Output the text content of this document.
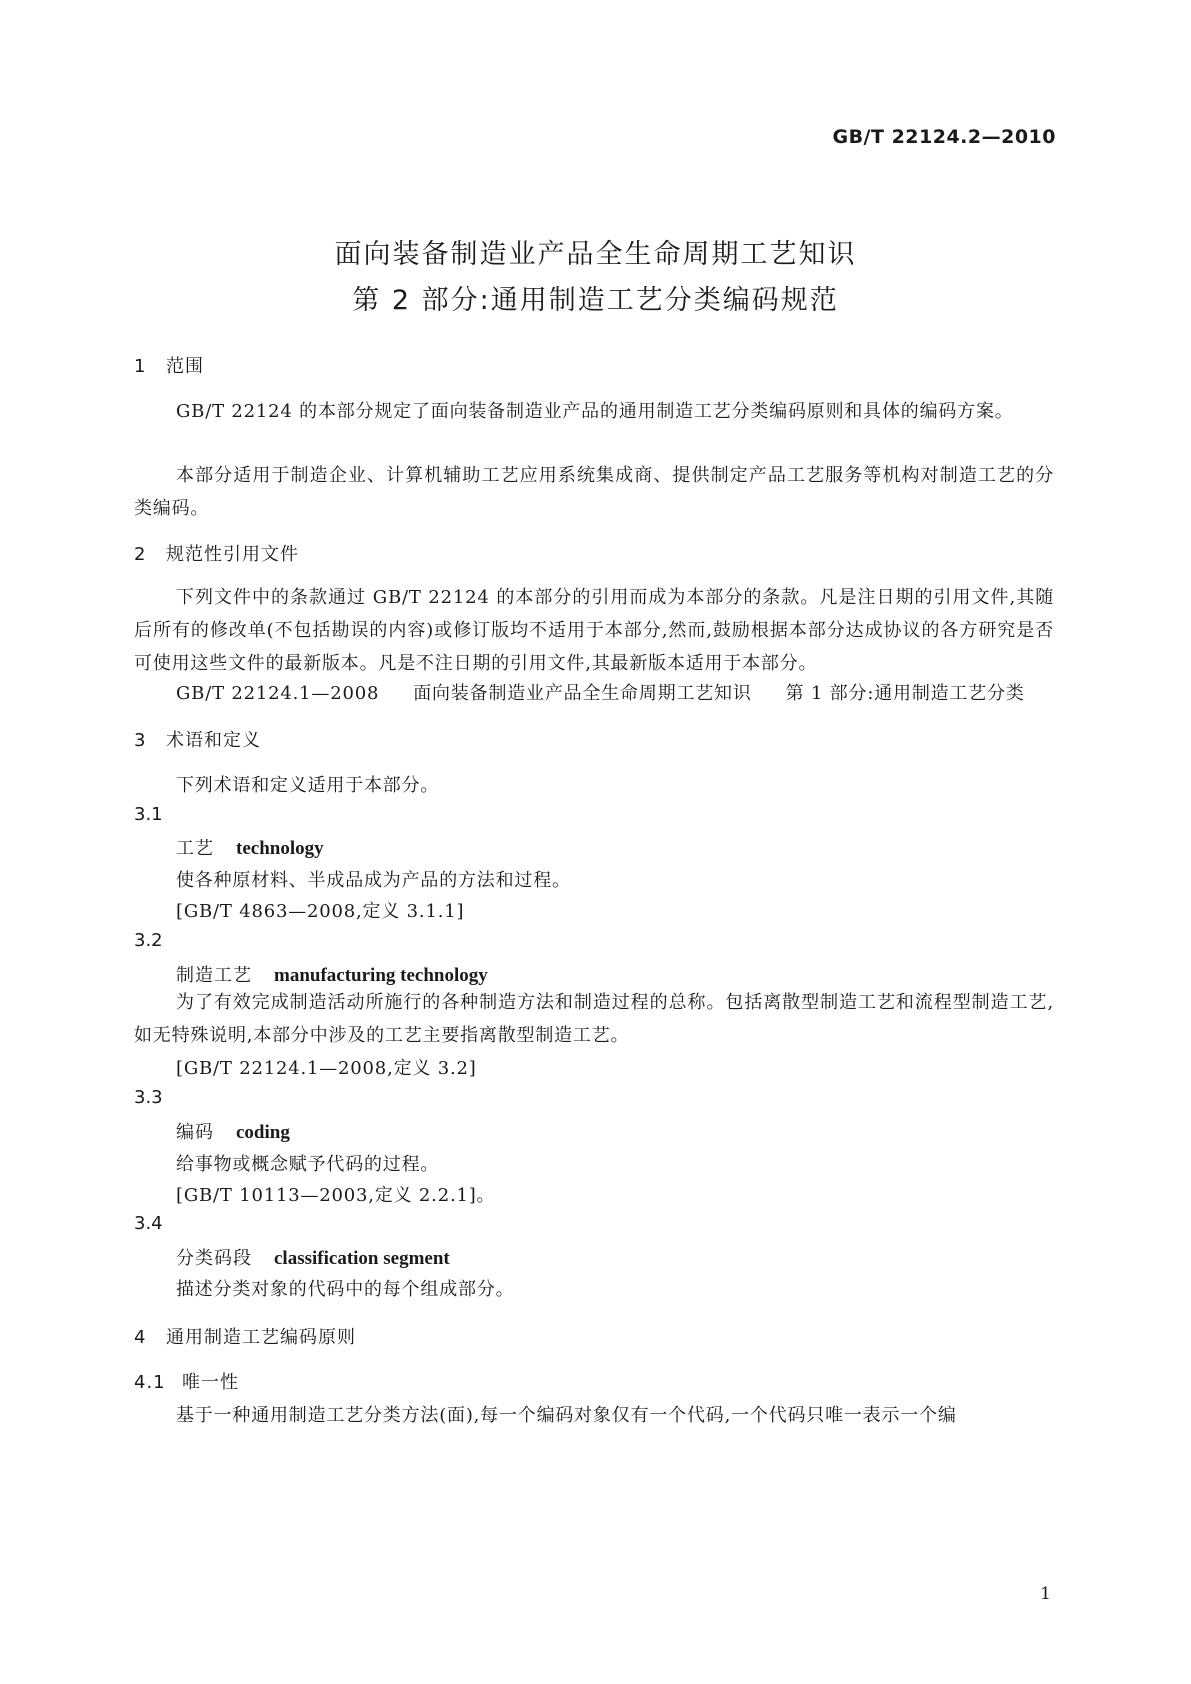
GB/T 22124.2—2010
面向装备制造业产品全生命周期工艺知识
第 2 部分:通用制造工艺分类编码规范
1 范围
GB/T 22124 的本部分规定了面向装备制造业产品的通用制造工艺分类编码原则和具体的编码方案。
本部分适用于制造企业、计算机辅助工艺应用系统集成商、提供制定产品工艺服务等机构对制造工艺的分类编码。
2 规范性引用文件
下列文件中的条款通过 GB/T 22124 的本部分的引用而成为本部分的条款。凡是注日期的引用文件,其随后所有的修改单(不包括勘误的内容)或修订版均不适用于本部分,然而,鼓励根据本部分达成协议的各方研究是否可使用这些文件的最新版本。凡是不注日期的引用文件,其最新版本适用于本部分。
GB/T 22124.1—2008 面向装备制造业产品全生命周期工艺知识 第 1 部分:通用制造工艺分类
3 术语和定义
下列术语和定义适用于本部分。
3.1
工艺 technology
使各种原材料、半成品成为产品的方法和过程。
[GB/T 4863—2008,定义 3.1.1]
3.2
制造工艺 manufacturing technology
为了有效完成制造活动所施行的各种制造方法和制造过程的总称。包括离散型制造工艺和流程型制造工艺,如无特殊说明,本部分中涉及的工艺主要指离散型制造工艺。
[GB/T 22124.1—2008,定义 3.2]
3.3
编码 coding
给事物或概念赋予代码的过程。
[GB/T 10113—2003,定义 2.2.1]。
3.4
分类码段 classification segment
描述分类对象的代码中的每个组成部分。
4 通用制造工艺编码原则
4.1 唯一性
基于一种通用制造工艺分类方法(面),每一个编码对象仅有一个代码,一个代码只唯一表示一个编
1
